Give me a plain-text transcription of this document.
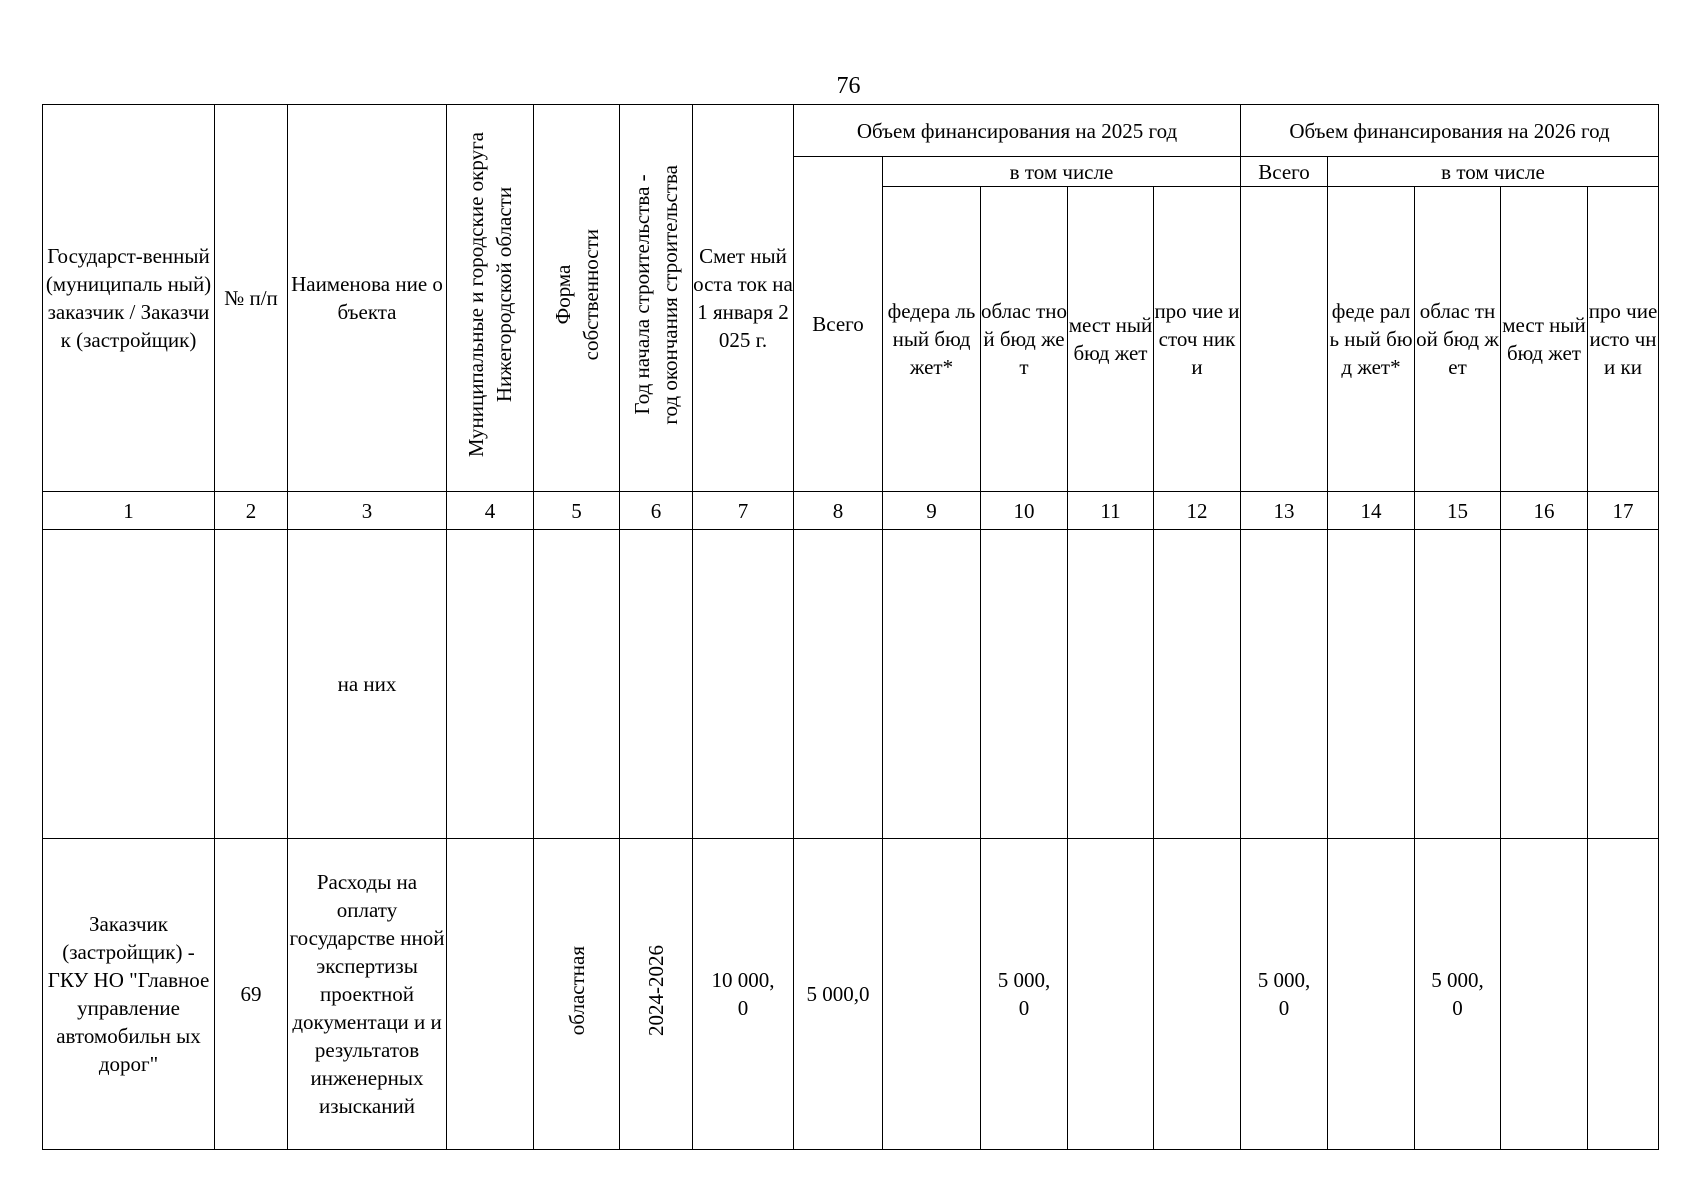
76
Государст-венный (муниципаль ный) заказчик / Заказчик (застройщик)	№ п/п	Наименова ние объекта	Муниципальные и городские округа Нижегородской области	Форма собственности	Год начала строительства - год окончания строительства	Смет ный оста ток на 1 января 2025 г.	Объем финансирования на 2025 год					Объем финансирования на 2026 год				
							Всего	в том числе				Всего	в том числе			

								федера льный бюд жет*	облас тной бюд жет	мест ный бюд жет	про чие источ ники		феде раль ный бюд жет*	облас тной бюд жет	мест ный бюд жет	про чие исто чни ки

1	2	3	4	5	6	7	8	9	10	11	12	13	14	15	16	17
		на них														
Заказчик (застройщик) - ГКУ НО "Главное управление автомобильн ых дорог"	69	Расходы на оплату государстве нной экспертизы проектной документаци и и результатов инженерных изысканий		областная	2024-2026	10 000,0	5 000,0		5 000,0			5 000,0		5 000,0		
